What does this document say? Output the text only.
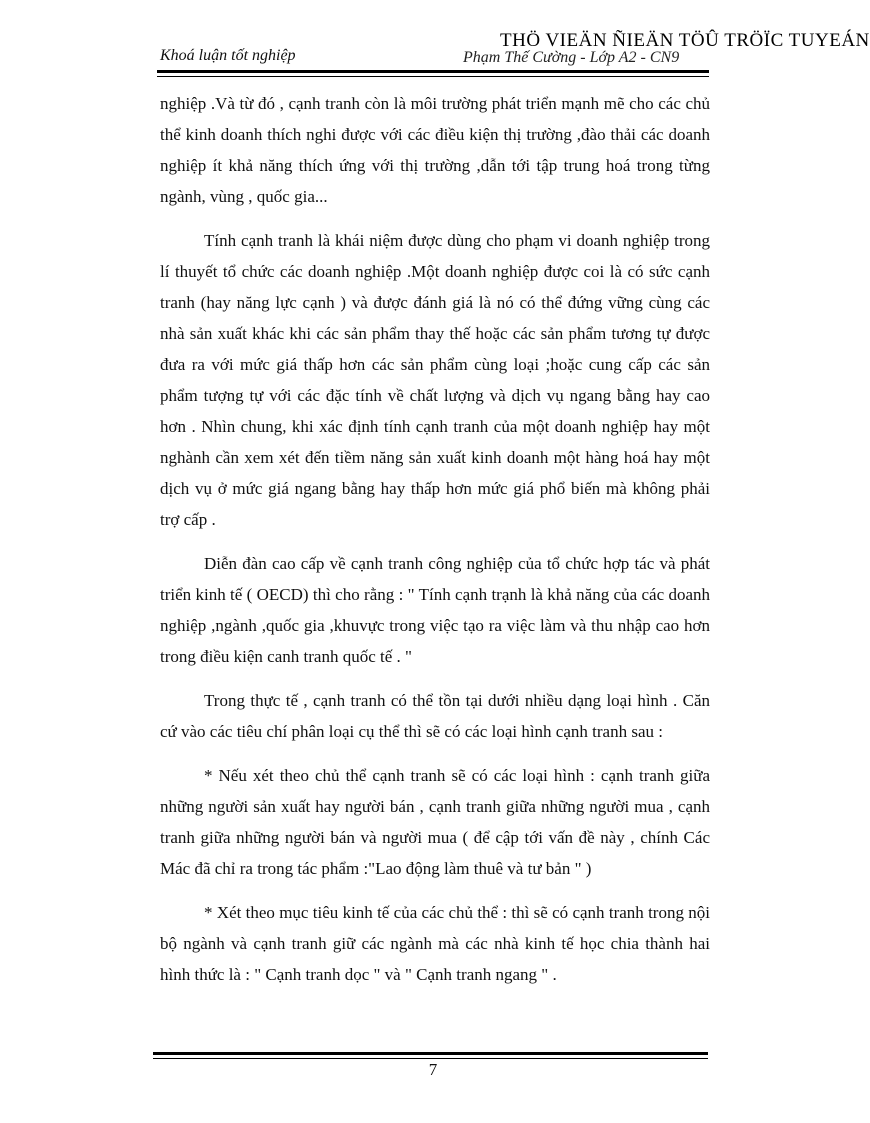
THÖ VIEÄN ÑIEÄN TÖÛ TRÖÏC TUYEÁN
Khoá luận tốt nghiệp	Phạm Thế Cường - Lớp A2 - CN9

nghiệp .Và từ đó , cạnh tranh còn là môi trường phát triển mạnh mẽ cho các chủ thể kinh doanh thích nghi được với các điều kiện thị trường ,đào thải các doanh nghiệp ít khả năng thích ứng với thị trường ,dẫn tới tập trung hoá trong từng ngành, vùng , quốc gia...

Tính cạnh tranh là khái niệm được dùng cho phạm vi doanh nghiệp trong lí thuyết tổ chức các doanh nghiệp .Một doanh nghiệp được coi là có sức cạnh tranh (hay năng lực cạnh ) và được đánh giá là nó có thể đứng vững cùng các nhà sản xuất khác khi các sản phẩm thay thế hoặc các sản phẩm tương tự được đưa ra với mức giá thấp hơn các sản phẩm cùng loại ;hoặc cung cấp các sản phẩm tượng tự với các đặc tính về chất lượng và dịch vụ ngang bằng hay cao hơn . Nhìn chung, khi xác định tính cạnh tranh của một doanh nghiệp hay một nghành cần xem xét đến tiềm năng sản xuất kinh doanh một hàng hoá hay một dịch vụ ở mức giá ngang bằng hay thấp hơn mức giá phổ biến mà không phải trợ cấp .

Diễn đàn cao cấp về cạnh tranh công nghiệp của tổ chức hợp tác và phát triển kinh tế ( OECD) thì cho rằng : " Tính cạnh trạnh là khả năng của các doanh nghiệp ,ngành ,quốc gia ,khuvực trong việc tạo ra việc làm và thu nhập cao hơn trong điều kiện canh tranh quốc tế . "

Trong thực tế , cạnh tranh có thể tồn tại dưới nhiều dạng loại hình . Căn cứ vào các tiêu chí phân loại cụ thể thì sẽ có các loại hình cạnh tranh sau :

* Nếu xét theo chủ thể cạnh tranh sẽ có các loại hình : cạnh tranh giữa những người sản xuất hay người bán , cạnh tranh giữa những người mua , cạnh tranh giữa những người bán và người mua ( để cập tới vấn đề này , chính Các Mác đã chỉ ra trong tác phẩm :"Lao động làm thuê và tư bản " )

* Xét theo mục tiêu kinh tế của các chủ thể : thì sẽ có cạnh tranh trong nội bộ ngành và cạnh tranh giữ các ngành mà các nhà kinh tế học chia thành hai hình thức là : " Cạnh tranh dọc " và " Cạnh tranh ngang " .

7
